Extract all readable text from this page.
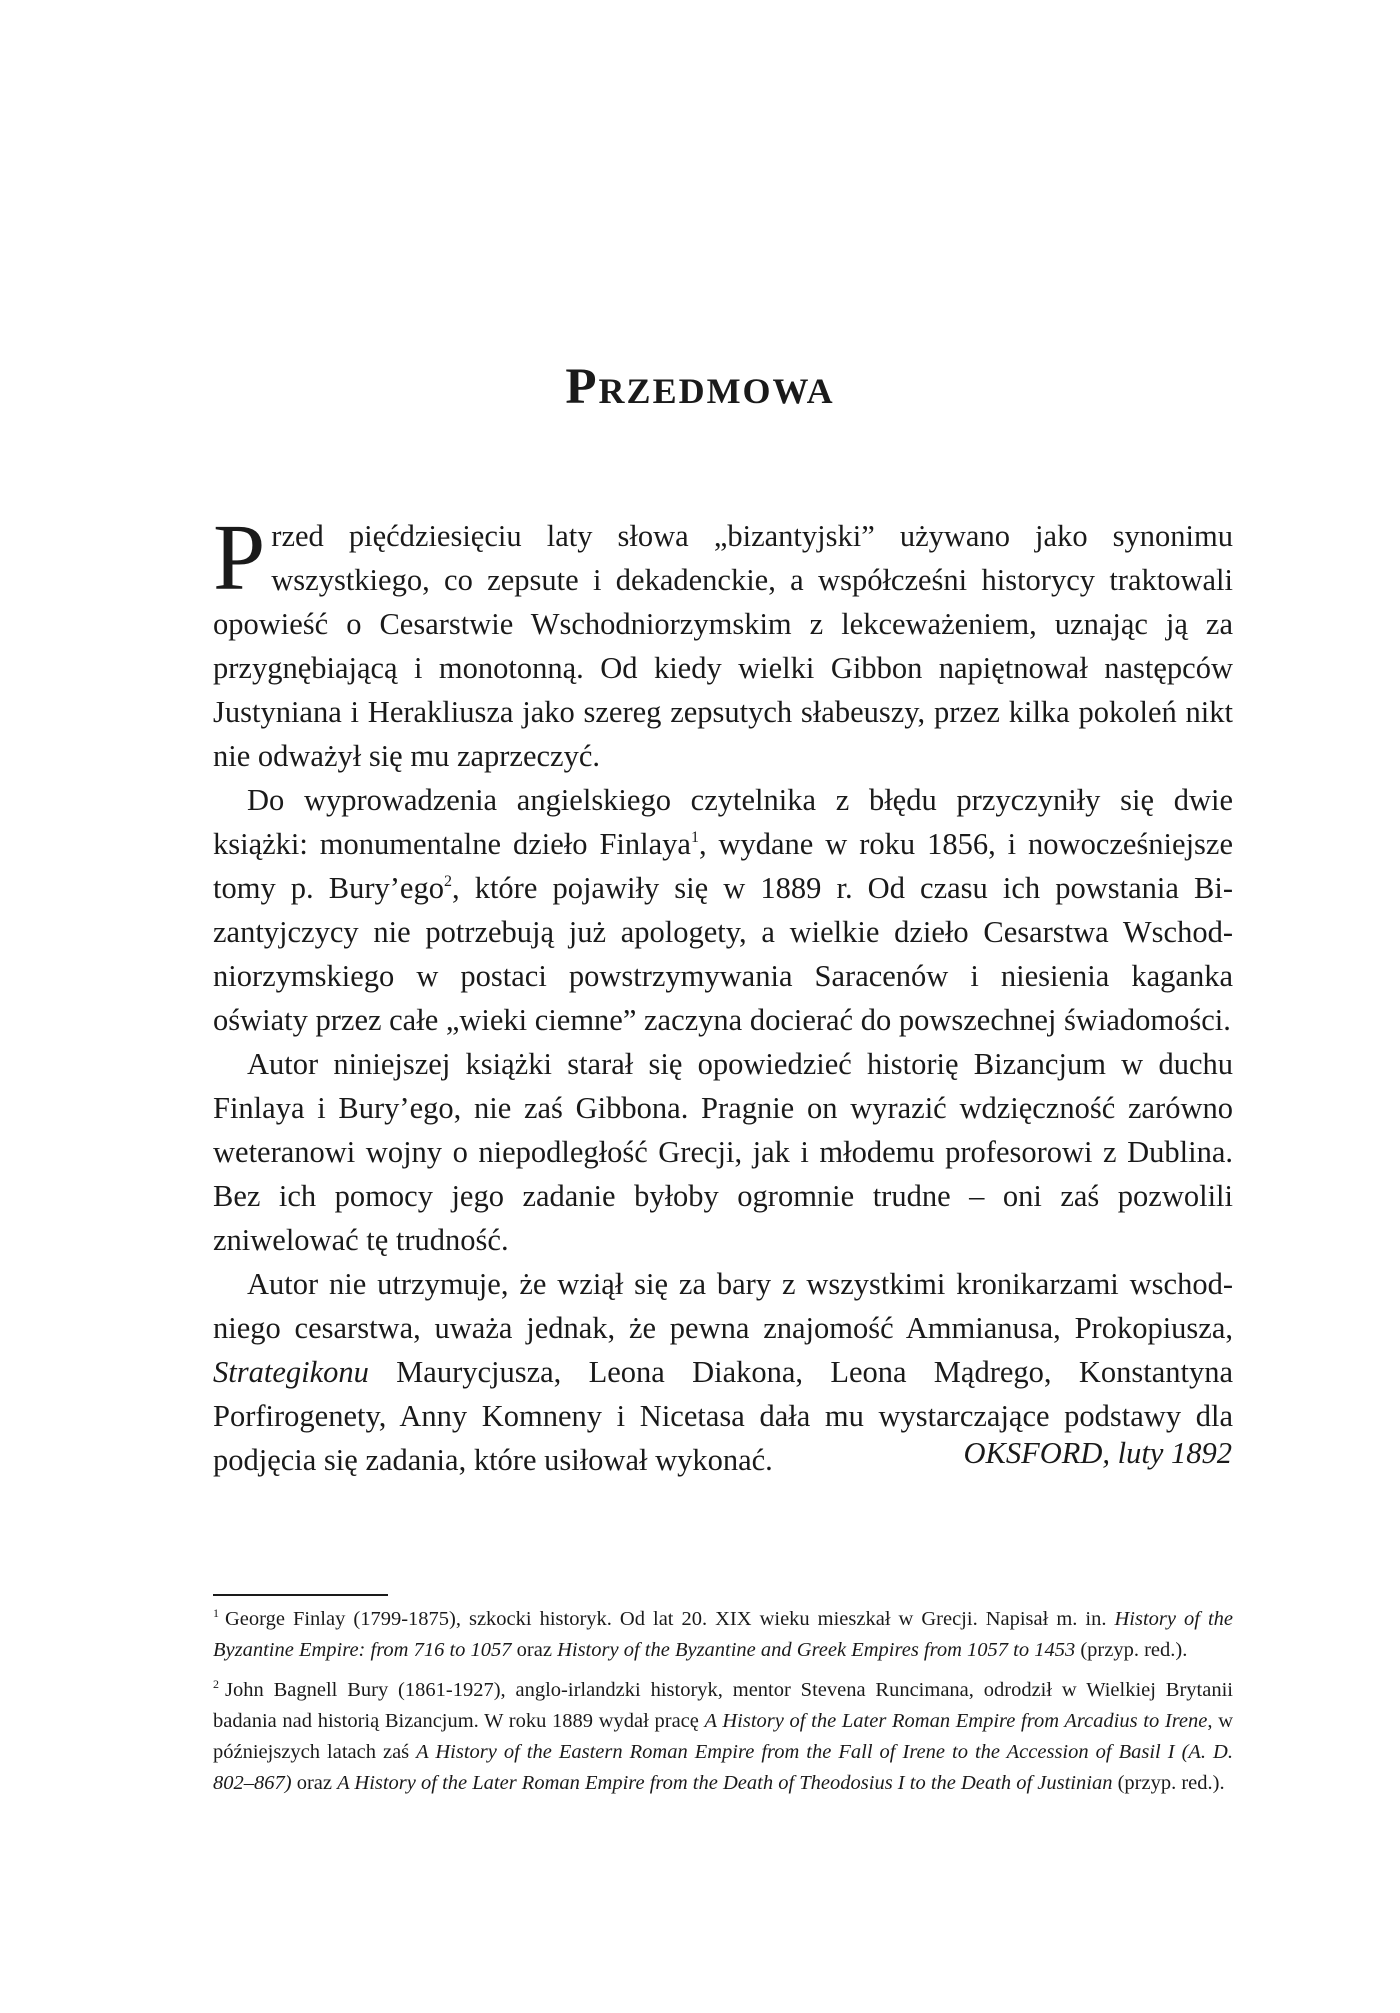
Przedmowa

Przed pięćdziesięciu laty słowa „bizantyjski” używano jako synonimu wszystkiego, co zepsute i dekadenckie, a współcześni historycy traktowali opowieść o Cesarstwie Wschodniorzymskim z lekceważeniem, uznając ją za przygnębiającą i monotonną. Od kiedy wielki Gibbon napiętnował następców Justyniana i Herakliusza jako szereg zepsutych słabeuszy, przez kilka pokoleń nikt nie odważył się mu zaprzeczyć.

Do wyprowadzenia angielskiego czytelnika z błędu przyczyniły się dwie książki: monumentalne dzieło Finlaya$^1$, wydane w roku 1856, i nowocześniejsze tomy p. Bury’ego$^2$, które pojawiły się w 1889 r. Od czasu ich powstania Bizantyjczycy nie potrzebują już apologety, a wielkie dzieło Cesarstwa Wschodniorzymskiego w postaci powstrzymywania Saracenów i niesienia kaganka oświaty przez całe „wieki ciemne” zaczyna docierać do powszechnej świadomości.

Autor niniejszej książki starał się opowiedzieć historię Bizancjum w duchu Finlaya i Bury’ego, nie zaś Gibbona. Pragnie on wyrazić wdzięczność zarówno weteranowi wojny o niepodległość Grecji, jak i młodemu profesorowi z Dublina. Bez ich pomocy jego zadanie byłoby ogromnie trudne – oni zaś pozwolili zniwelować tę trudność.

Autor nie utrzymuje, że wziął się za bary z wszystkimi kronikarzami wschodniego cesarstwa, uważa jednak, że pewna znajomość Ammianusa, Prokopiusza, Strategikonu Maurycjusza, Leona Diakona, Leona Mądrego, Konstantyna Porfirogenety, Anny Komneny i Nicetasa dała mu wystarczające podstawy dla podjęcia się zadania, które usiłował wykonać.	OKSFORD, luty 1892

$^1$ George Finlay (1799-1875), szkocki historyk. Od lat 20. XIX wieku mieszkał w Grecji. Napisał m. in. History of the Byzantine Empire: from 716 to 1057 oraz History of the Byzantine and Greek Empires from 1057 to 1453 (przyp. red.).

$^2$ John Bagnell Bury (1861-1927), anglo-irlandzki historyk, mentor Stevena Runcimana, odrodził w Wielkiej Brytanii badania nad historią Bizancjum. W roku 1889 wydał pracę A History of the Later Roman Empire from Arcadius to Irene, w późniejszych latach zaś A History of the Eastern Roman Empire from the Fall of Irene to the Accession of Basil I (A. D. 802–867) oraz A History of the Later Roman Empire from the Death of Theodosius I to the Death of Justinian (przyp. red.).
